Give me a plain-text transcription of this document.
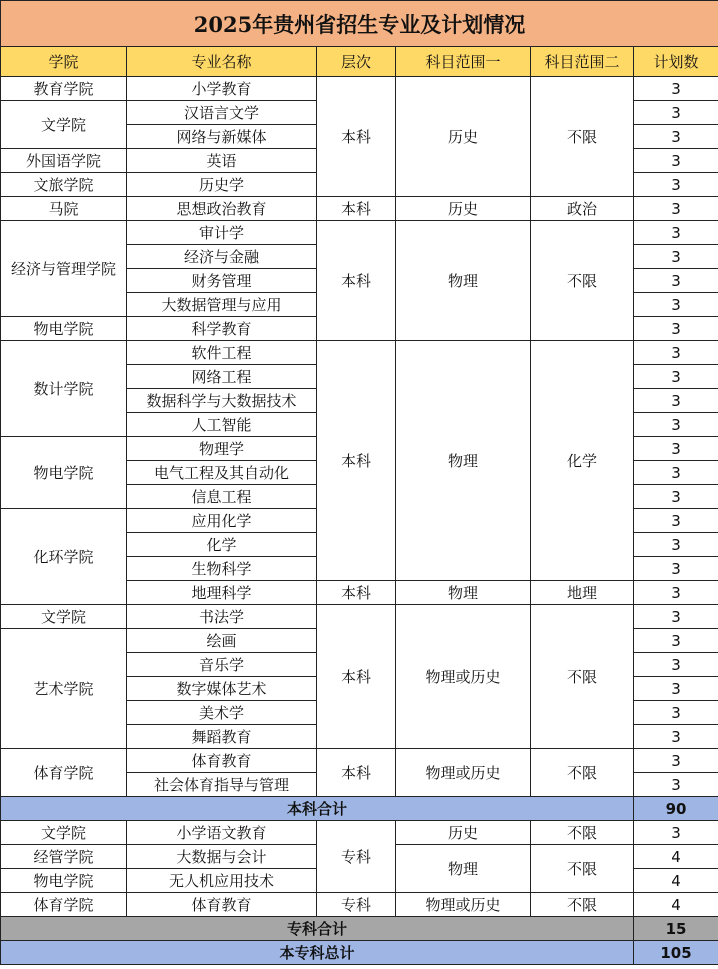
2025年贵州省招生专业及计划情况					
学院	专业名称	层次	科目范围一	科目范围二	计划数
教育学院	小学教育	本科	历史	不限	3
文学院	汉语言文学				3
	网络与新媒体				3
外国语学院	英语				3
文旅学院	历史学				3
马院	思想政治教育	本科	历史	政治	3
经济与管理学院	审计学	本科	物理	不限	3
	经济与金融				3
	财务管理				3
	大数据管理与应用				3
物电学院	科学教育				3
数计学院	软件工程	本科	物理	化学	3
	网络工程				3
	数据科学与大数据技术				3
	人工智能				3
物电学院	物理学				3
	电气工程及其自动化				3
	信息工程				3
化环学院	应用化学				3
	化学				3
	生物科学				3
	地理科学	本科	物理	地理	3
文学院	书法学	本科	物理或历史	不限	3
艺术学院	绘画				3
	音乐学				3
	数字媒体艺术				3
	美术学				3
	舞蹈教育				3
体育学院	体育教育	本科	物理或历史	不限	3
	社会体育指导与管理				3
本科合计					90
文学院	小学语文教育	专科	历史	不限	3
经管学院	大数据与会计		物理	不限	4
物电学院	无人机应用技术				4
体育学院	体育教育	专科	物理或历史	不限	4
专科合计					15
本专科总计					105
